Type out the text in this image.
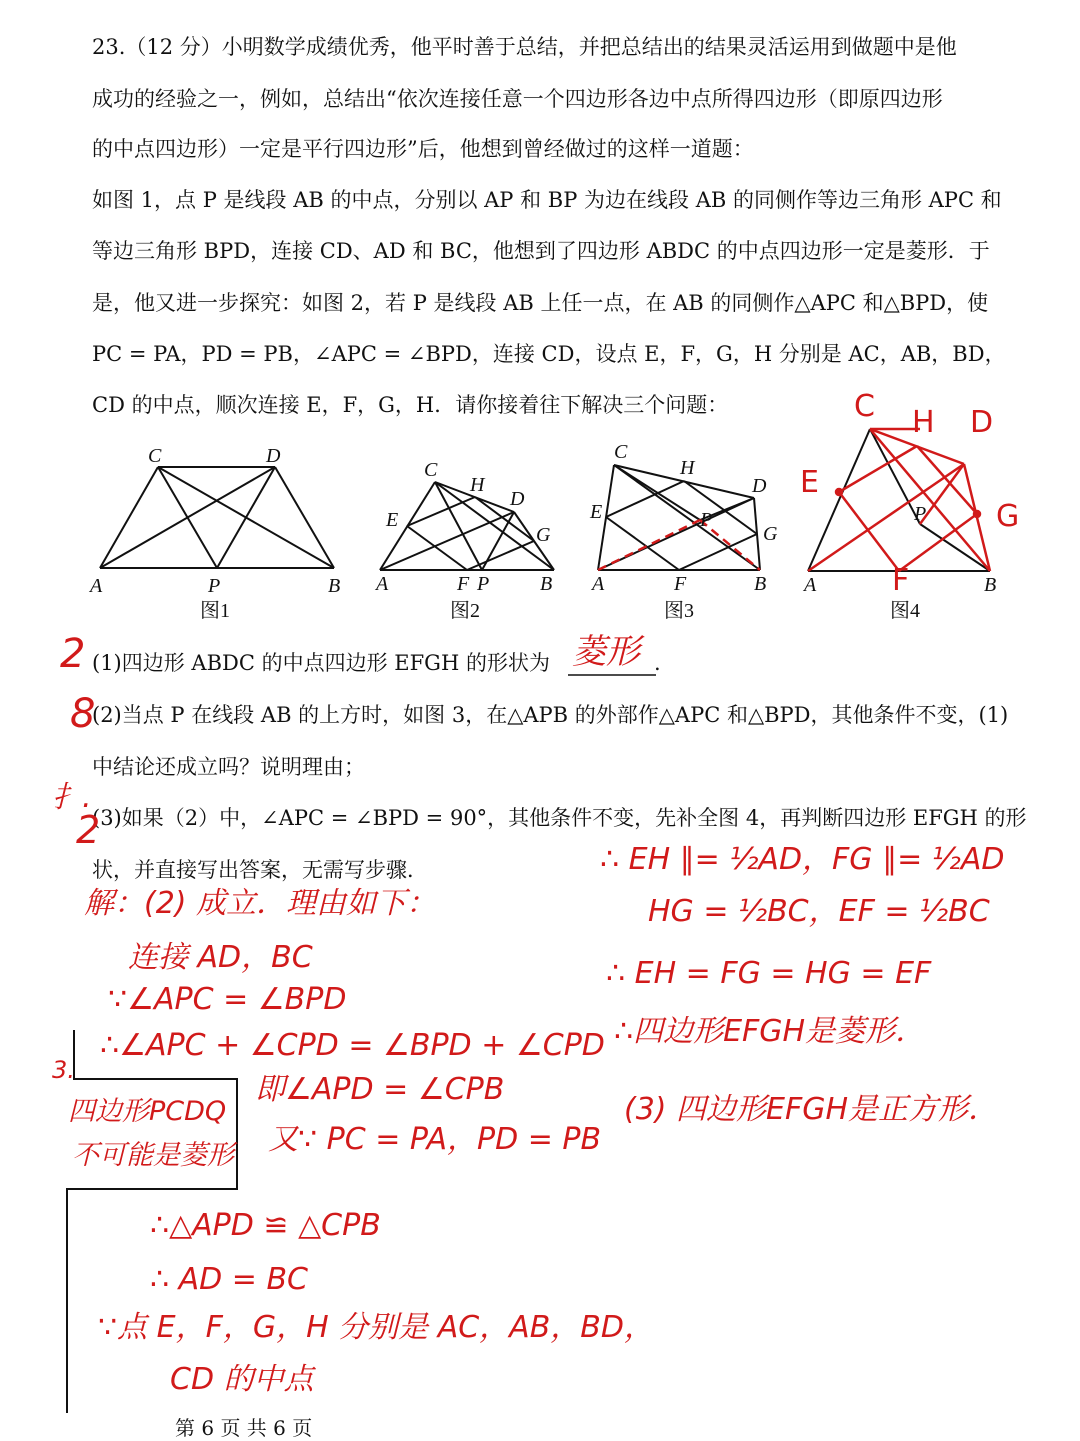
23.（12 分）小明数学成绩优秀，他平时善于总结，并把总结出的结果灵活运用到做题中是他
成功的经验之一，例如，总结出“依次连接任意一个四边形各边中点所得四边形（即原四边形
的中点四边形）一定是平行四边形”后，他想到曾经做过的这样一道题：
如图 1，点 P 是线段 AB 的中点，分别以 AP 和 BP 为边在线段 AB 的同侧作等边三角形 APC 和
等边三角形 BPD，连接 CD、AD 和 BC，他想到了四边形 ABDC 的中点四边形一定是菱形．于
是，他又进一步探究：如图 2，若 P 是线段 AB 上任一点，在 AB 的同侧作△APC 和△BPD，使
PC = PA，PD = PB，∠APC = ∠BPD，连接 CD，设点 E，F，G，H 分别是 AC，AB，BD，
CD 的中点，顺次连接 E，F，G，H．请你接着往下解决三个问题：
A	P	B
C	D
图1
A	F P	B
C
H
D
E
G
图2
A	F	B
C
H
D
E	P
G
图3
A	B
P
C H D
E
G
F
图4
(1)四边形 ABDC 的中点四边形 EFGH 的形状为 菱形 .
(2)当点 P 在线段 AB 的上方时，如图 3，在△APB 的外部作△APC 和△BPD，其他条件不变，(1)
中结论还成立吗？说明理由；
(3)如果（2）中，∠APC = ∠BPD = 90°，其他条件不变，先补全图 4，再判断四边形 EFGH 的形
状，并直接写出答案，无需写步骤．
2
8
扌.
2
解：(2) 成立．理由如下：
连接 AD，BC
∵∠APC = ∠BPD
∴∠APC + ∠CPD = ∠BPD + ∠CPD
即∠APD = ∠CPB
又∵ PC = PA，PD = PB
∴△APD ≌ △CPB
∴ AD = BC
∵点 E，F，G，H 分别是 AC，AB，BD，
CD 的中点
3.
四边形PCDQ
不可能是菱形
∴ EH ∥= ½AD，FG ∥= ½AD
HG = ½BC，EF = ½BC
∴ EH = FG = HG = EF
∴四边形EFGH是菱形．
(3) 四边形EFGH是正方形．
第 6 页 共 6 页
